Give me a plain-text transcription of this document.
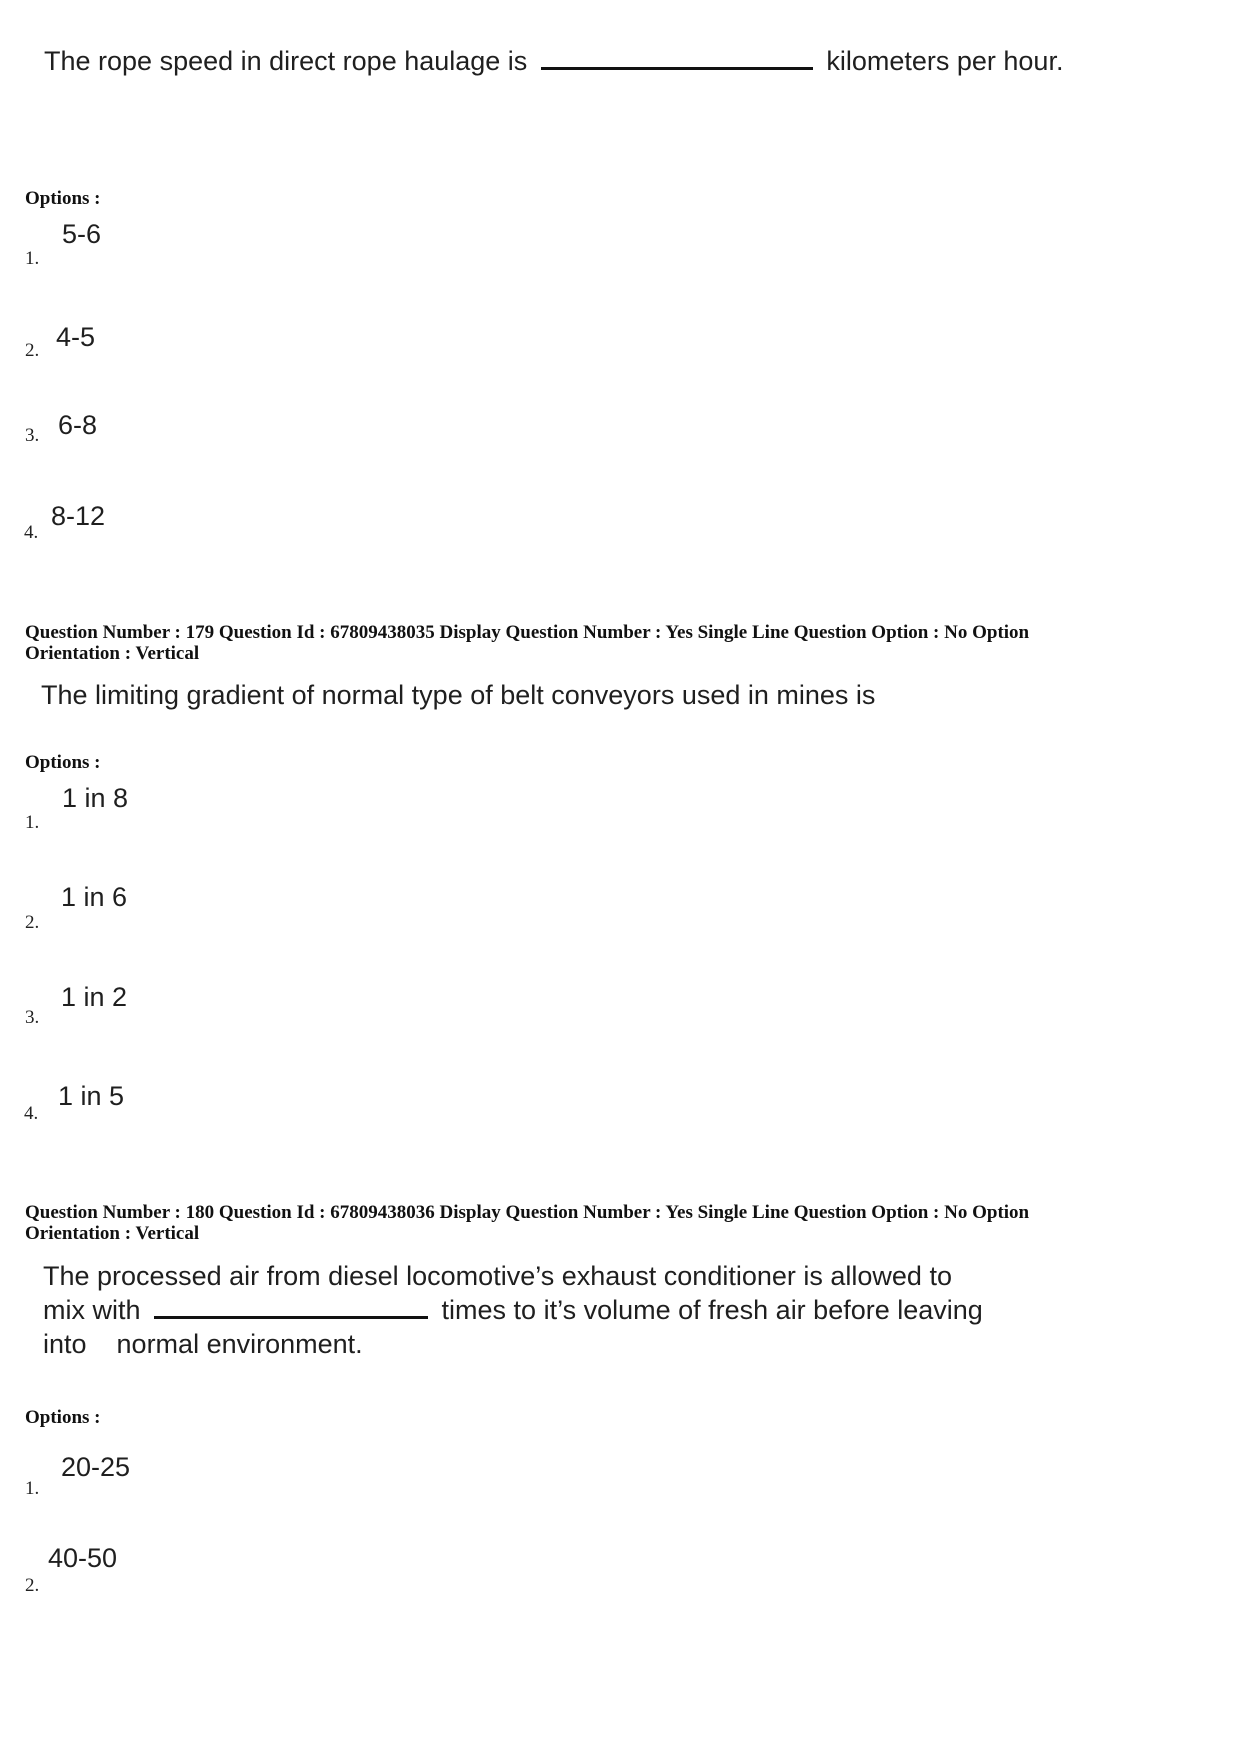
The rope speed in direct rope haulage is	kilometers per hour.
Options :
1.
5-6
2. 4-5
3. 6-8
4.
8-12
Question Number : 179 Question Id : 67809438035 Display Question Number : Yes Single Line Question Option : No Option
Orientation : Vertical
The limiting gradient of normal type of belt conveyors used in mines is
Options :
1.
1 in 8
2.
1 in 6
3.
1 in 2
4.
1 in 5
Question Number : 180 Question Id : 67809438036 Display Question Number : Yes Single Line Question Option : No Option
Orientation : Vertical
The processed air from diesel locomotive’s exhaust conditioner is allowed to
mix with	times to it’s volume of fresh air before leaving
into    normal environment.
Options :
1.
20-25
2.
40-50
